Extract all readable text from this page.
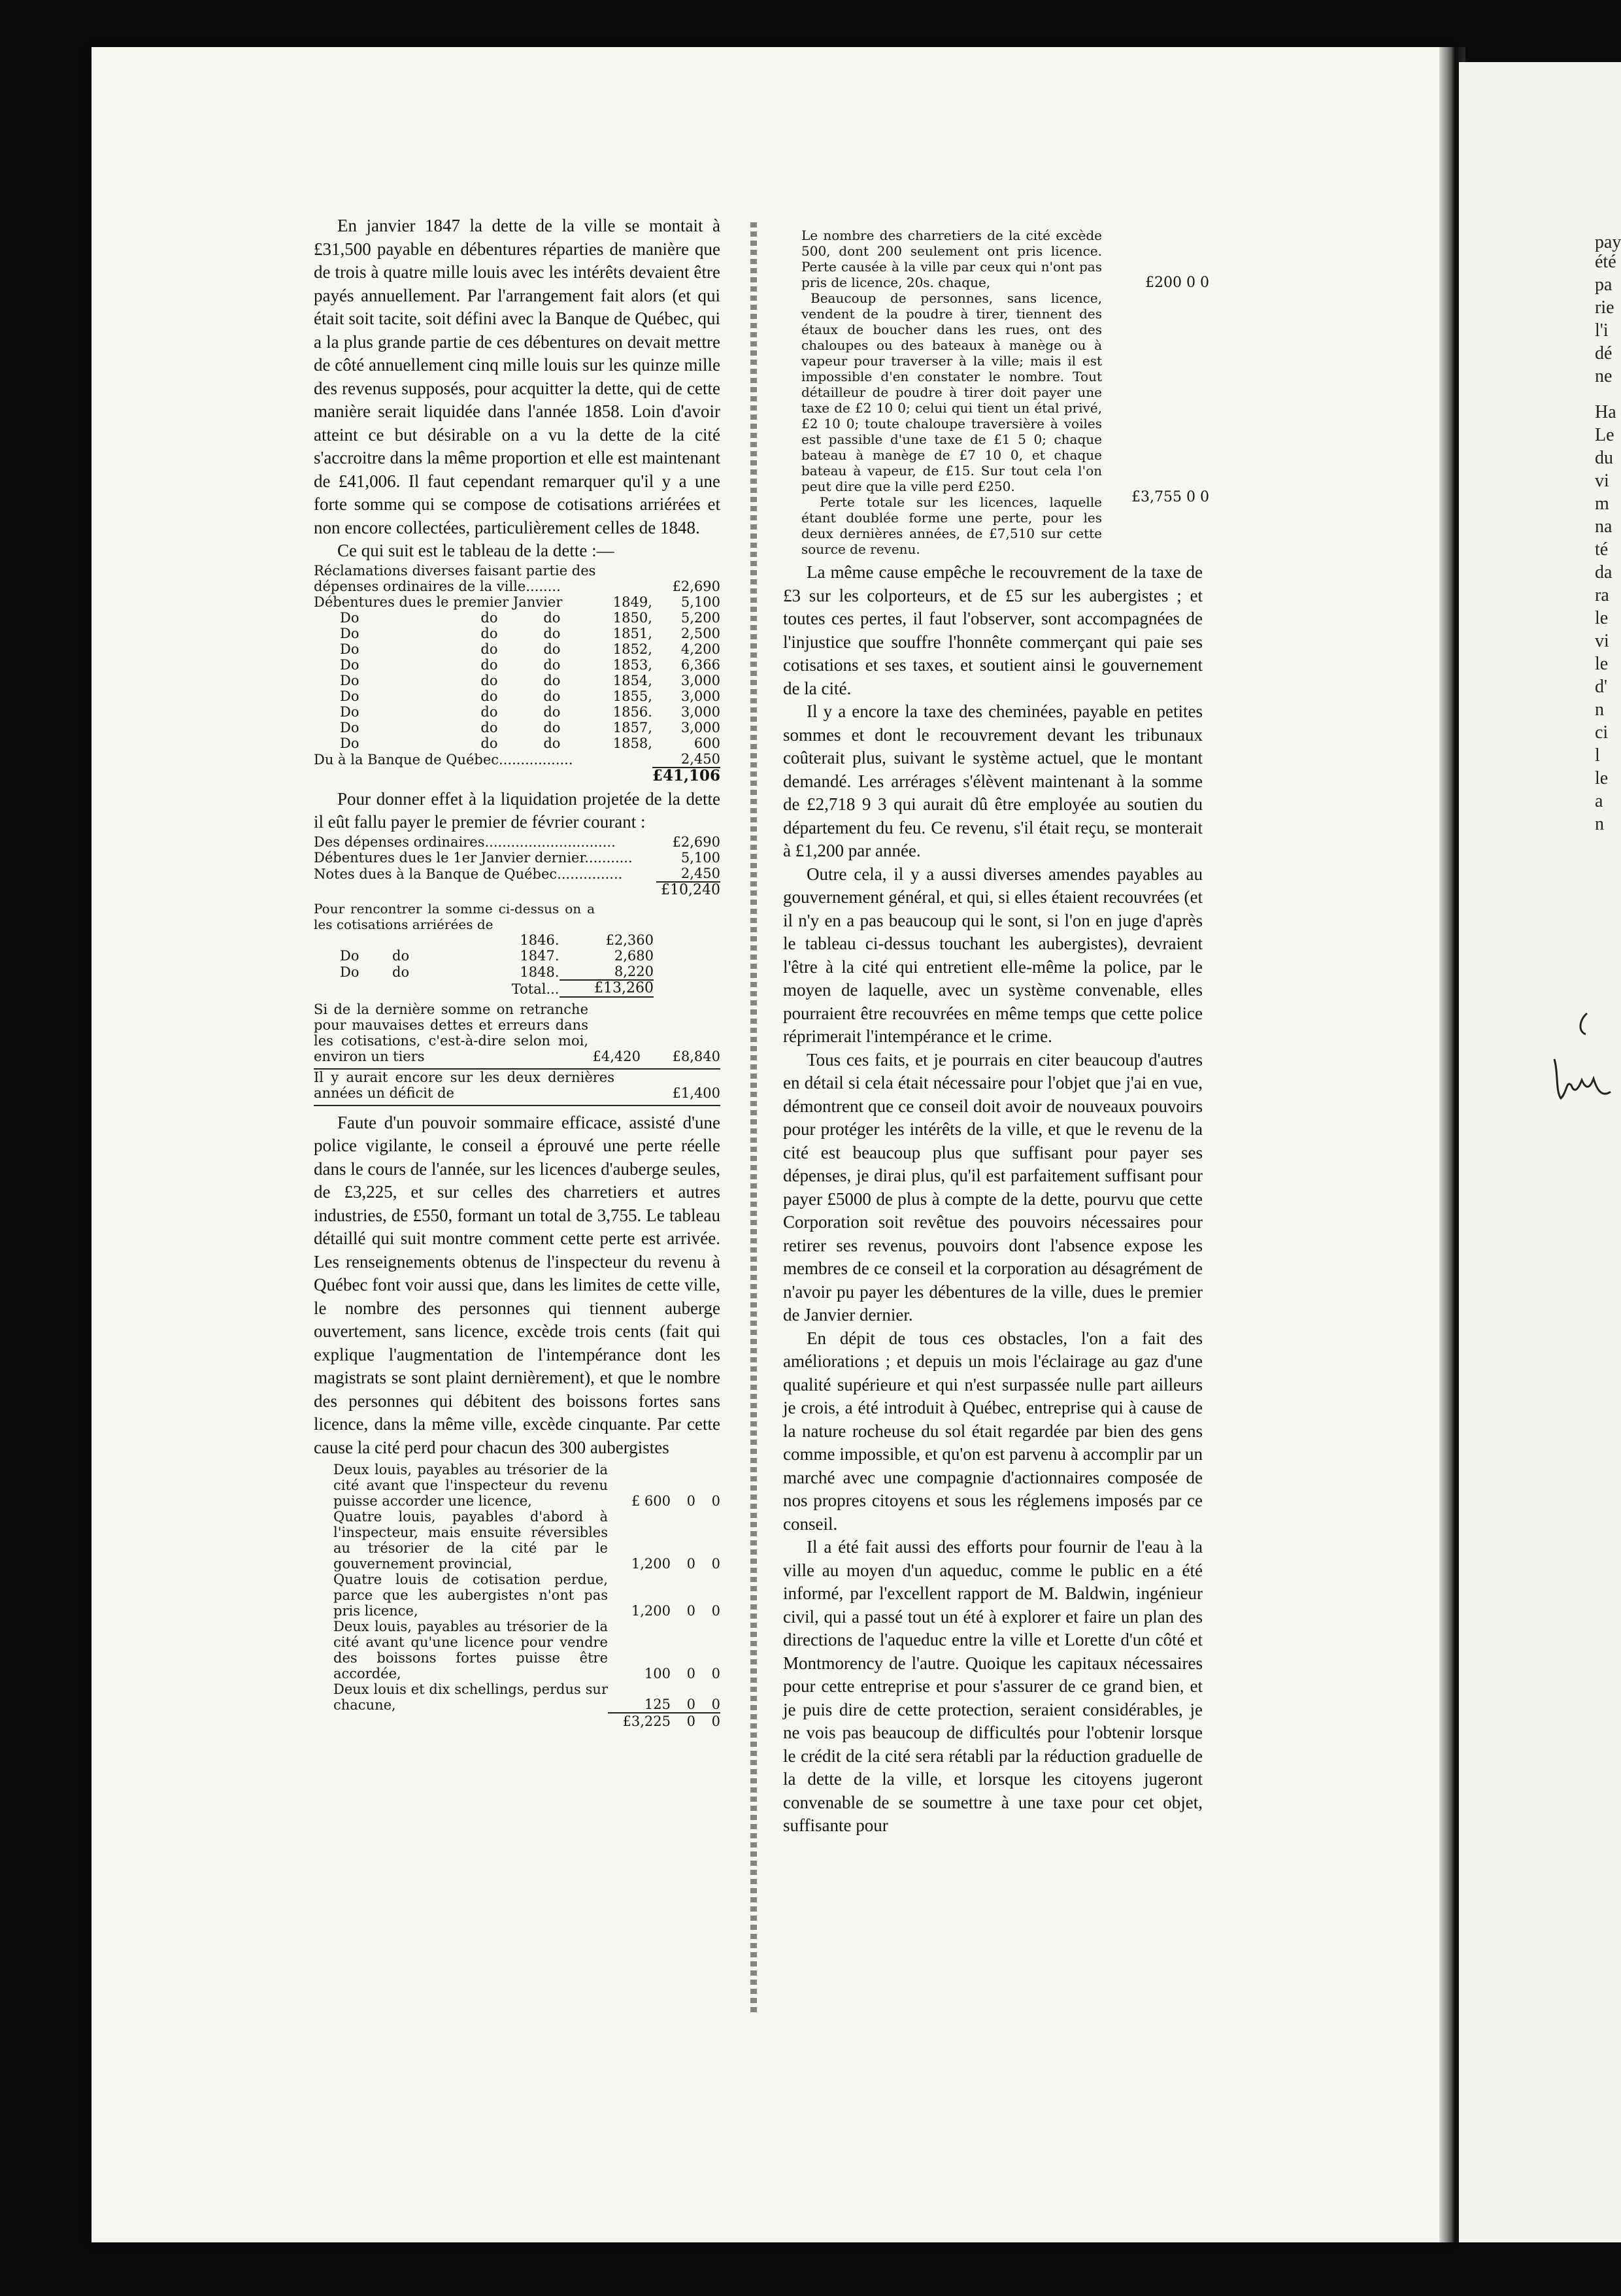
En janvier 1847 la dette de la ville se montait à £31,500 payable en débentures réparties de manière que de trois à quatre mille louis avec les intérêts devaient être payés annuellement. Par l'arrangement fait alors (et qui était soit tacite, soit défini avec la Banque de Québec, qui a la plus grande partie de ces débentures on devait mettre de côté annuellement cinq mille louis sur les quinze mille des revenus supposés, pour acquitter la dette, qui de cette manière serait liquidée dans l'année 1858. Loin d'avoir atteint ce but désirable on a vu la dette de la cité s'accroitre dans la même proportion et elle est maintenant de £41,006. Il faut cependant remarquer qu'il y a une forte somme qui se compose de cotisations arriérées et non encore collectées, particulièrement celles de 1848.

Ce qui suit est le tableau de la dette :—

Réclamations diverses faisant partie des dépenses ordinaires de la ville........				£2,690
Débentures dues le premier Janvier			1849,	5,100
Do	do	do	1850,	5,200
Do	do	do	1851,	2,500
Do	do	do	1852,	4,200
Do	do	do	1853,	6,366
Do	do	do	1854,	3,000
Do	do	do	1855,	3,000
Do	do	do	1856.	3,000
Do	do	do	1857,	3,000
Do	do	do	1858,	600
Du à la Banque de Québec.................				2,450
				£41,106

Pour donner effet à la liquidation projetée de la dette il eût fallu payer le premier de février courant :

Des dépenses ordinaires..............................	£2,690
Débentures dues le 1er Janvier dernier...........	5,100
Notes dues à la Banque de Québec...............	2,450
	£10,240
Pour rencontrer la somme ci-dessus on a les cotisations arriérées de
		1846.	£2,360
Do	do	1847.	2,680
Do	do	1848.	8,220
		Total...	£13,260
Si de la dernière somme on retranche pour mauvaises dettes et erreurs dans les cotisations, c'est-à-dire selon moi, environ un tiers	£4,420	£8,840
Il y aurait encore sur les deux dernières années un déficit de	£1,400

Faute d'un pouvoir sommaire efficace, assisté d'une police vigilante, le conseil a éprouvé une perte réelle dans le cours de l'année, sur les licences d'auberge seules, de £3,225, et sur celles des charretiers et autres industries, de £550, formant un total de 3,755. Le tableau détaillé qui suit montre comment cette perte est arrivée. Les renseignements obtenus de l'inspecteur du revenu à Québec font voir aussi que, dans les limites de cette ville, le nombre des personnes qui tiennent auberge ouvertement, sans licence, excède trois cents (fait qui explique l'augmentation de l'intempérance dont les magistrats se sont plaint dernièrement), et que le nombre des personnes qui débitent des boissons fortes sans licence, dans la même ville, excède cinquante. Par cette cause la cité perd pour chacun des 300 aubergistes

Deux louis, payables au trésorier de la cité avant que l'inspecteur du revenu puisse accorder une licence,	£ 600	0	0
Quatre louis, payables d'abord à l'inspecteur, mais ensuite réversibles au trésorier de la cité par le gouvernement provincial,	1,200	0	0
Quatre louis de cotisation perdue, parce que les aubergistes n'ont pas pris licence,	1,200	0	0
Deux louis, payables au trésorier de la cité avant qu'une licence pour vendre des boissons fortes puisse être accordée,	100	0	0
Deux louis et dix schellings, perdus sur chacune,	125	0	0
	£3,225	0	0
Le nombre des charretiers de la cité excède 500, dont 200 seulement ont pris licence. Perte causée à la ville par ceux qui n'ont pas pris de licence, 20s. chaque,	£200 0 0
Beaucoup de personnes, sans licence, vendent de la poudre à tirer, tiennent des étaux de boucher dans les rues, ont des chaloupes ou des bateaux à manège ou à vapeur pour traverser à la ville; mais il est impossible d'en constater le nombre. Tout détailleur de poudre à tirer doit payer une taxe de £2 10 0; celui qui tient un étal privé, £2 10 0; toute chaloupe traversière à voiles est passible d'une taxe de £1 5 0; chaque bateau à manège de £7 10 0, et chaque bateau à vapeur, de £15. Sur tout cela l'on peut dire que la ville perd £250.
Perte totale sur les licences, laquelle étant doublée forme une perte, pour les deux dernières années, de £7,510 sur cette source de revenu.
£3,755 0 0

La même cause empêche le recouvrement de la taxe de £3 sur les colporteurs, et de £5 sur les aubergistes ; et toutes ces pertes, il faut l'observer, sont accompagnées de l'injustice que souffre l'honnête commerçant qui paie ses cotisations et ses taxes, et soutient ainsi le gouvernement de la cité.

Il y a encore la taxe des cheminées, payable en petites sommes et dont le recouvrement devant les tribunaux coûterait plus, suivant le système actuel, que le montant demandé. Les arrérages s'élèvent maintenant à la somme de £2,718 9 3 qui aurait dû être employée au soutien du département du feu. Ce revenu, s'il était reçu, se monterait à £1,200 par année.

Outre cela, il y a aussi diverses amendes payables au gouvernement général, et qui, si elles étaient recouvrées (et il n'y en a pas beaucoup qui le sont, si l'on en juge d'après le tableau ci-dessus touchant les aubergistes), devraient l'être à la cité qui entretient elle-même la police, par le moyen de laquelle, avec un système convenable, elles pourraient être recouvrées en même temps que cette police réprimerait l'intempérance et le crime.

Tous ces faits, et je pourrais en citer beaucoup d'autres en détail si cela était nécessaire pour l'objet que j'ai en vue, démontrent que ce conseil doit avoir de nouveaux pouvoirs pour protéger les intérêts de la ville, et que le revenu de la cité est beaucoup plus que suffisant pour payer ses dépenses, je dirai plus, qu'il est parfaitement suffisant pour payer £5000 de plus à compte de la dette, pourvu que cette Corporation soit revêtue des pouvoirs nécessaires pour retirer ses revenus, pouvoirs dont l'absence expose les membres de ce conseil et la corporation au désagrément de n'avoir pu payer les débentures de la ville, dues le premier de Janvier dernier.

En dépit de tous ces obstacles, l'on a fait des améliorations ; et depuis un mois l'éclairage au gaz d'une qualité supérieure et qui n'est surpassée nulle part ailleurs je crois, a été introduit à Québec, entreprise qui à cause de la nature rocheuse du sol était regardée par bien des gens comme impossible, et qu'on est parvenu à accomplir par un marché avec une compagnie d'actionnaires composée de nos propres citoyens et sous les réglemens imposés par ce conseil.

Il a été fait aussi des efforts pour fournir de l'eau à la ville au moyen d'un aqueduc, comme le public en a été informé, par l'excellent rapport de M. Baldwin, ingénieur civil, qui a passé tout un été à explorer et faire un plan des directions de l'aqueduc entre la ville et Lorette d'un côté et Montmorency de l'autre. Quoique les capitaux nécessaires pour cette entreprise et pour s'assurer de ce grand bien, et je puis dire de cette protection, seraient considérables, je ne vois pas beaucoup de difficultés pour l'obtenir lorsque le crédit de la cité sera rétabli par la réduction graduelle de la dette de la ville, et lorsque les citoyens jugeront convenable de se soumettre à une taxe pour cet objet, suffisante pour

pay
été
pa
rie
l'i
dé
ne
Ha
Le
du
vi
m
na
té
da
ra
le
vi
le
d'
n
ci
l
le
a
n
